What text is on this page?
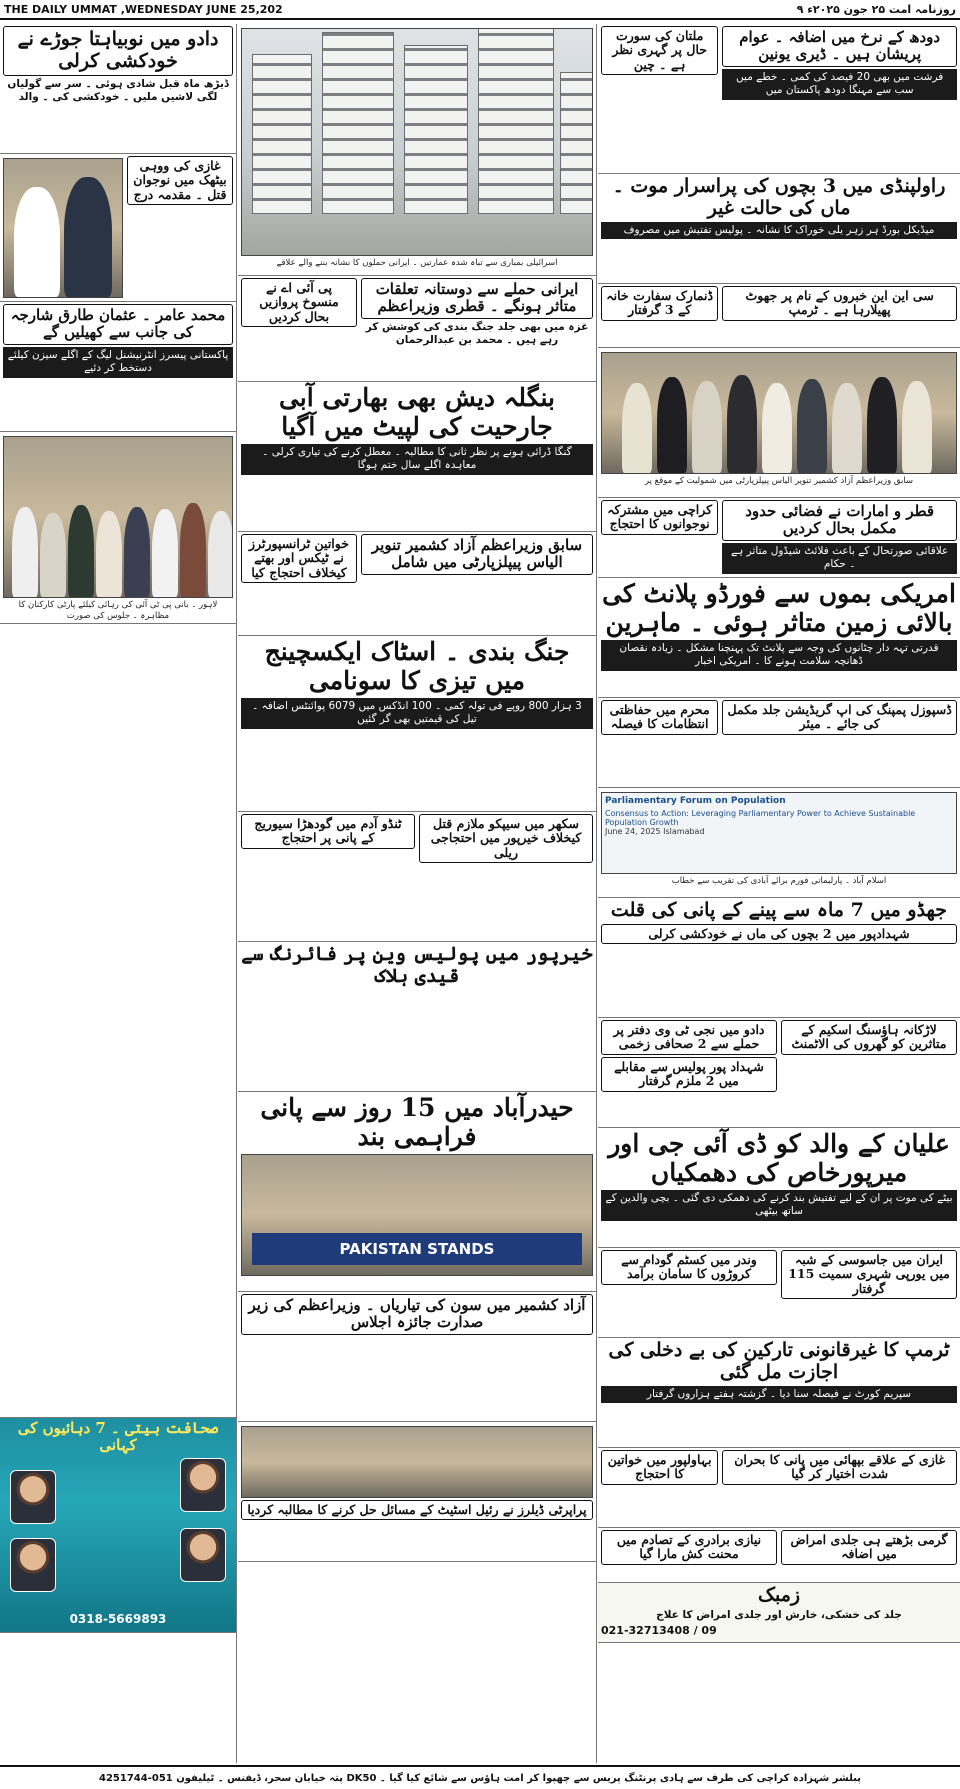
THE DAILY UMMAT ,WEDNESDAY JUNE 25,202	روزنامہ امت ۲۵ جون ۲۰۲۵ء ۹
دادو میں نوبیاہتا جوڑے نے خودکشی کرلی
ڈیڑھ ماہ قبل شادی ہوئی ۔ سر سے گولیاں لگی لاشیں ملیں ۔ خودکشی کی ۔ والد

غازی کی ووہی بیٹھک میں نوجوان قتل ۔ مقدمہ درج
محمد عامر ۔ عثمان طارق شارجہ کی جانب سے کھیلیں گے
پاکستانی پیسرز انٹرنیشنل لیگ کے اگلے سیزن کیلئے دستخط کر دئیے
لاہور ۔ بانی پی ٹی آئی کی رہائی کیلئے پارٹی کارکنان کا مظاہرہ ۔ جلوس کی صورت

صحافت بیتی ۔ 7 دہائیوں کی کہانی
0318-5669893
اسرائیلی بمباری سے تباہ شدہ عمارتیں ۔ ایرانی حملوں کا نشانہ بننے والے علاقے
پی آئی اے نے منسوخ پروازیں بحال کردیں
ایرانی حملے سے دوستانہ تعلقات متاثر ہونگے ۔ قطری وزیراعظم
غزہ میں بھی جلد جنگ بندی کی کوشش کر رہے ہیں ۔ محمد بن عبدالرحمان
بنگلہ دیش بھی بھارتی آبی جارحیت کی لپیٹ میں آگیا
گنگا ڈرائی ہونے پر نظر ثانی کا مطالبہ ۔ معطل کرنے کی تیاری کرلی ۔ معاہدہ اگلے سال ختم ہوگا
خواتین ٹرانسپورٹرز نے ٹیکس اور بھتے کیخلاف احتجاج کیا
سابق وزیراعظم آزاد کشمیر تنویر الیاس پیپلزپارٹی میں شامل
جنگ بندی ۔ اسٹاک ایکسچینج میں تیزی کا سونامی
3 ہزار 800 روپے فی تولہ کمی ۔ 100 انڈکس میں 6079 پوائنٹس اضافہ ۔ تیل کی قیمتیں بھی گر گئیں
ٹنڈو آدم میں گودھڑا سیوریج کے پانی پر احتجاج
سکھر میں سیپکو ملازم قتل کیخلاف خیرپور میں احتجاجی ریلی
خیرپور میں پولیس وین پر فائرنگ سے قیدی ہلاک

حیدرآباد میں 15 روز سے پانی فراہمی بند
PAKISTAN STANDS
آزاد کشمیر میں سون کی تیاریاں ۔ وزیراعظم کی زیر صدارت جائزہ اجلاس
پراپرٹی ڈیلرز نے رئیل اسٹیٹ کے مسائل حل کرنے کا مطالبہ کردیا
ملتان کی سورت حال پر گہری نظر ہے ۔ چین
دودھ کے نرخ میں اضافہ ۔ عوام پریشان ہیں ۔ ڈیری یونین
فرشت میں بھی 20 فیصد کی کمی ۔ خطے میں سب سے مہنگا دودھ پاکستان میں
راولپنڈی میں 3 بچوں کی پراسرار موت ۔ ماں کی حالت غیر
میڈیکل بورڈ ہر زہر یلی خوراک کا نشانہ ۔ پولیس تفتیش میں مصروف
ڈنمارک سفارت خانہ کے 3 گرفتار
سی این این خبروں کے نام پر جھوٹ پھیلارہا ہے ۔ ٹرمپ
سابق وزیراعظم آزاد کشمیر تنویر الیاس پیپلزپارٹی میں شمولیت کے موقع پر
کراچی میں مشترکہ نوجوانوں کا احتجاج
قطر و امارات نے فضائی حدود مکمل بحال کردیں
علاقائی صورتحال کے باعث فلائٹ شیڈول متاثر ہے ۔ حکام
امریکی بموں سے فورڈو پلانٹ کی بالائی زمین متاثر ہوئی ۔ ماہرین
قدرتی تہہ دار چٹانوں کی وجہ سے پلانٹ تک پہنچنا مشکل ۔ زیادہ نقصان ڈھانچہ سلامت ہونے کا ۔ امریکی اخبار
محرم میں حفاظتی انتظامات کا فیصلہ
ڈسپوزل پمپنگ کی اپ گریڈیشن جلد مکمل کی جائے ۔ میئر
Parliamentary Forum on Population
Consensus to Action: Leveraging Parliamentary Power to Achieve Sustainable Population Growth
June 24, 2025 Islamabad
اسلام آباد ۔ پارلیمانی فورم برائے آبادی کی تقریب سے خطاب
جھڈو میں 7 ماہ سے پینے کے پانی کی قلت
شہدادپور میں 2 بچوں کی ماں نے خودکشی کرلی
دادو میں نجی ٹی وی دفتر پر حملے سے 2 صحافی زخمی
شہداد پور پولیس سے مقابلے میں 2 ملزم گرفتار
لاڑکانہ ہاؤسنگ اسکیم کے متاثرین کو گھروں کی الاٹمنٹ
علیان کے والد کو ڈی آئی جی اور میرپورخاص کی دھمکیاں
بیٹے کی موت پر ان کے لیے تفتیش بند کرنے کی دھمکی دی گئی ۔ بچی والدین کے ساتھ بیٹھی
وندر میں کسٹم گودام سے کروڑوں کا سامان برآمد
ایران میں جاسوسی کے شبہ میں یورپی شہری سمیت 115 گرفتار
ٹرمپ کا غیرقانونی تارکین کی بے دخلی کی اجازت مل گئی
سپریم کورٹ نے فیصلہ سنا دیا ۔ گزشتہ ہفتے ہزاروں گرفتار
بہاولپور میں خواتین کا احتجاج
غازی کے علاقے بپھائی میں پانی کا بحران شدت اختیار کر گیا
نیازی برادری کے تصادم میں محنت کش مارا گیا
گرمی بڑھتے ہی جلدی امراض میں اضافہ
زمبک
جلد کی خشکی، خارش اور جلدی امراض کا علاج
021-32713408 / 09
پبلشر شہزادہ کراچی کی طرف سے ہادی پرنٹنگ پریس سے چھپوا کر امت ہاؤس سے شائع کیا گیا ۔ DK50 پتہ خیابان سحر، ڈیفنس ۔ ٹیلیفون 051-4251744
